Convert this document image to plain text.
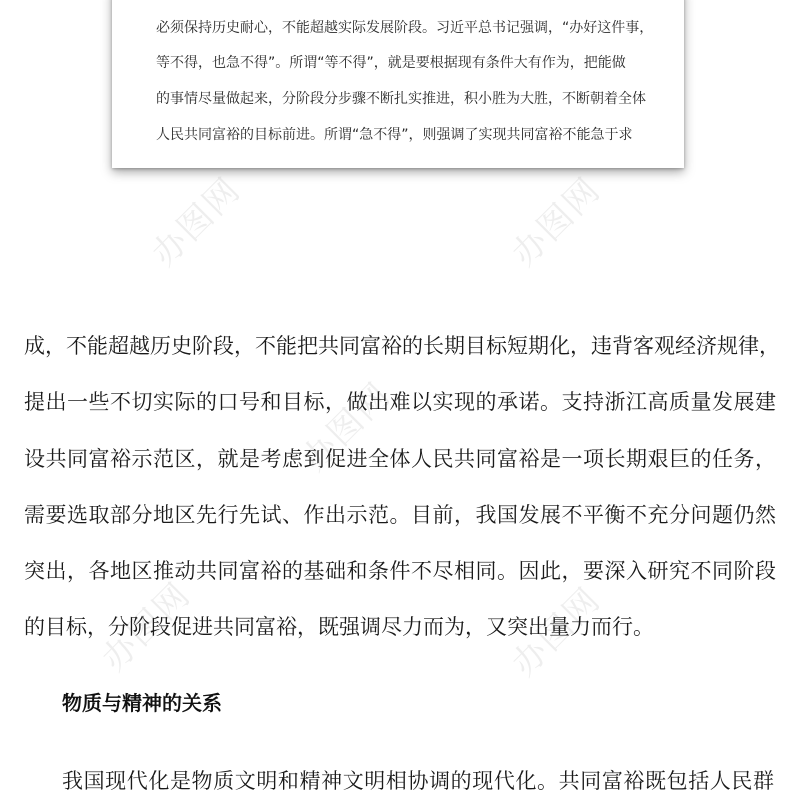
必须保持历史耐心，不能超越实际发展阶段。习近平总书记强调，“办好这件事，
等不得，也急不得”。所谓“等不得”，就是要根据现有条件大有作为，把能做
的事情尽量做起来，分阶段分步骤不断扎实推进，积小胜为大胜，不断朝着全体
人民共同富裕的目标前进。所谓“急不得”，则强调了实现共同富裕不能急于求
办图网	办图网
办图网
办图网	办图网
成，不能超越历史阶段，不能把共同富裕的长期目标短期化，违背客观经济规律，
提出一些不切实际的口号和目标，做出难以实现的承诺。支持浙江高质量发展建
设共同富裕示范区，就是考虑到促进全体人民共同富裕是一项长期艰巨的任务，
需要选取部分地区先行先试、作出示范。目前，我国发展不平衡不充分问题仍然
突出，各地区推动共同富裕的基础和条件不尽相同。因此，要深入研究不同阶段
的目标，分阶段促进共同富裕，既强调尽力而为，又突出量力而行。
物质与精神的关系
我国现代化是物质文明和精神文明相协调的现代化。共同富裕既包括人民群
